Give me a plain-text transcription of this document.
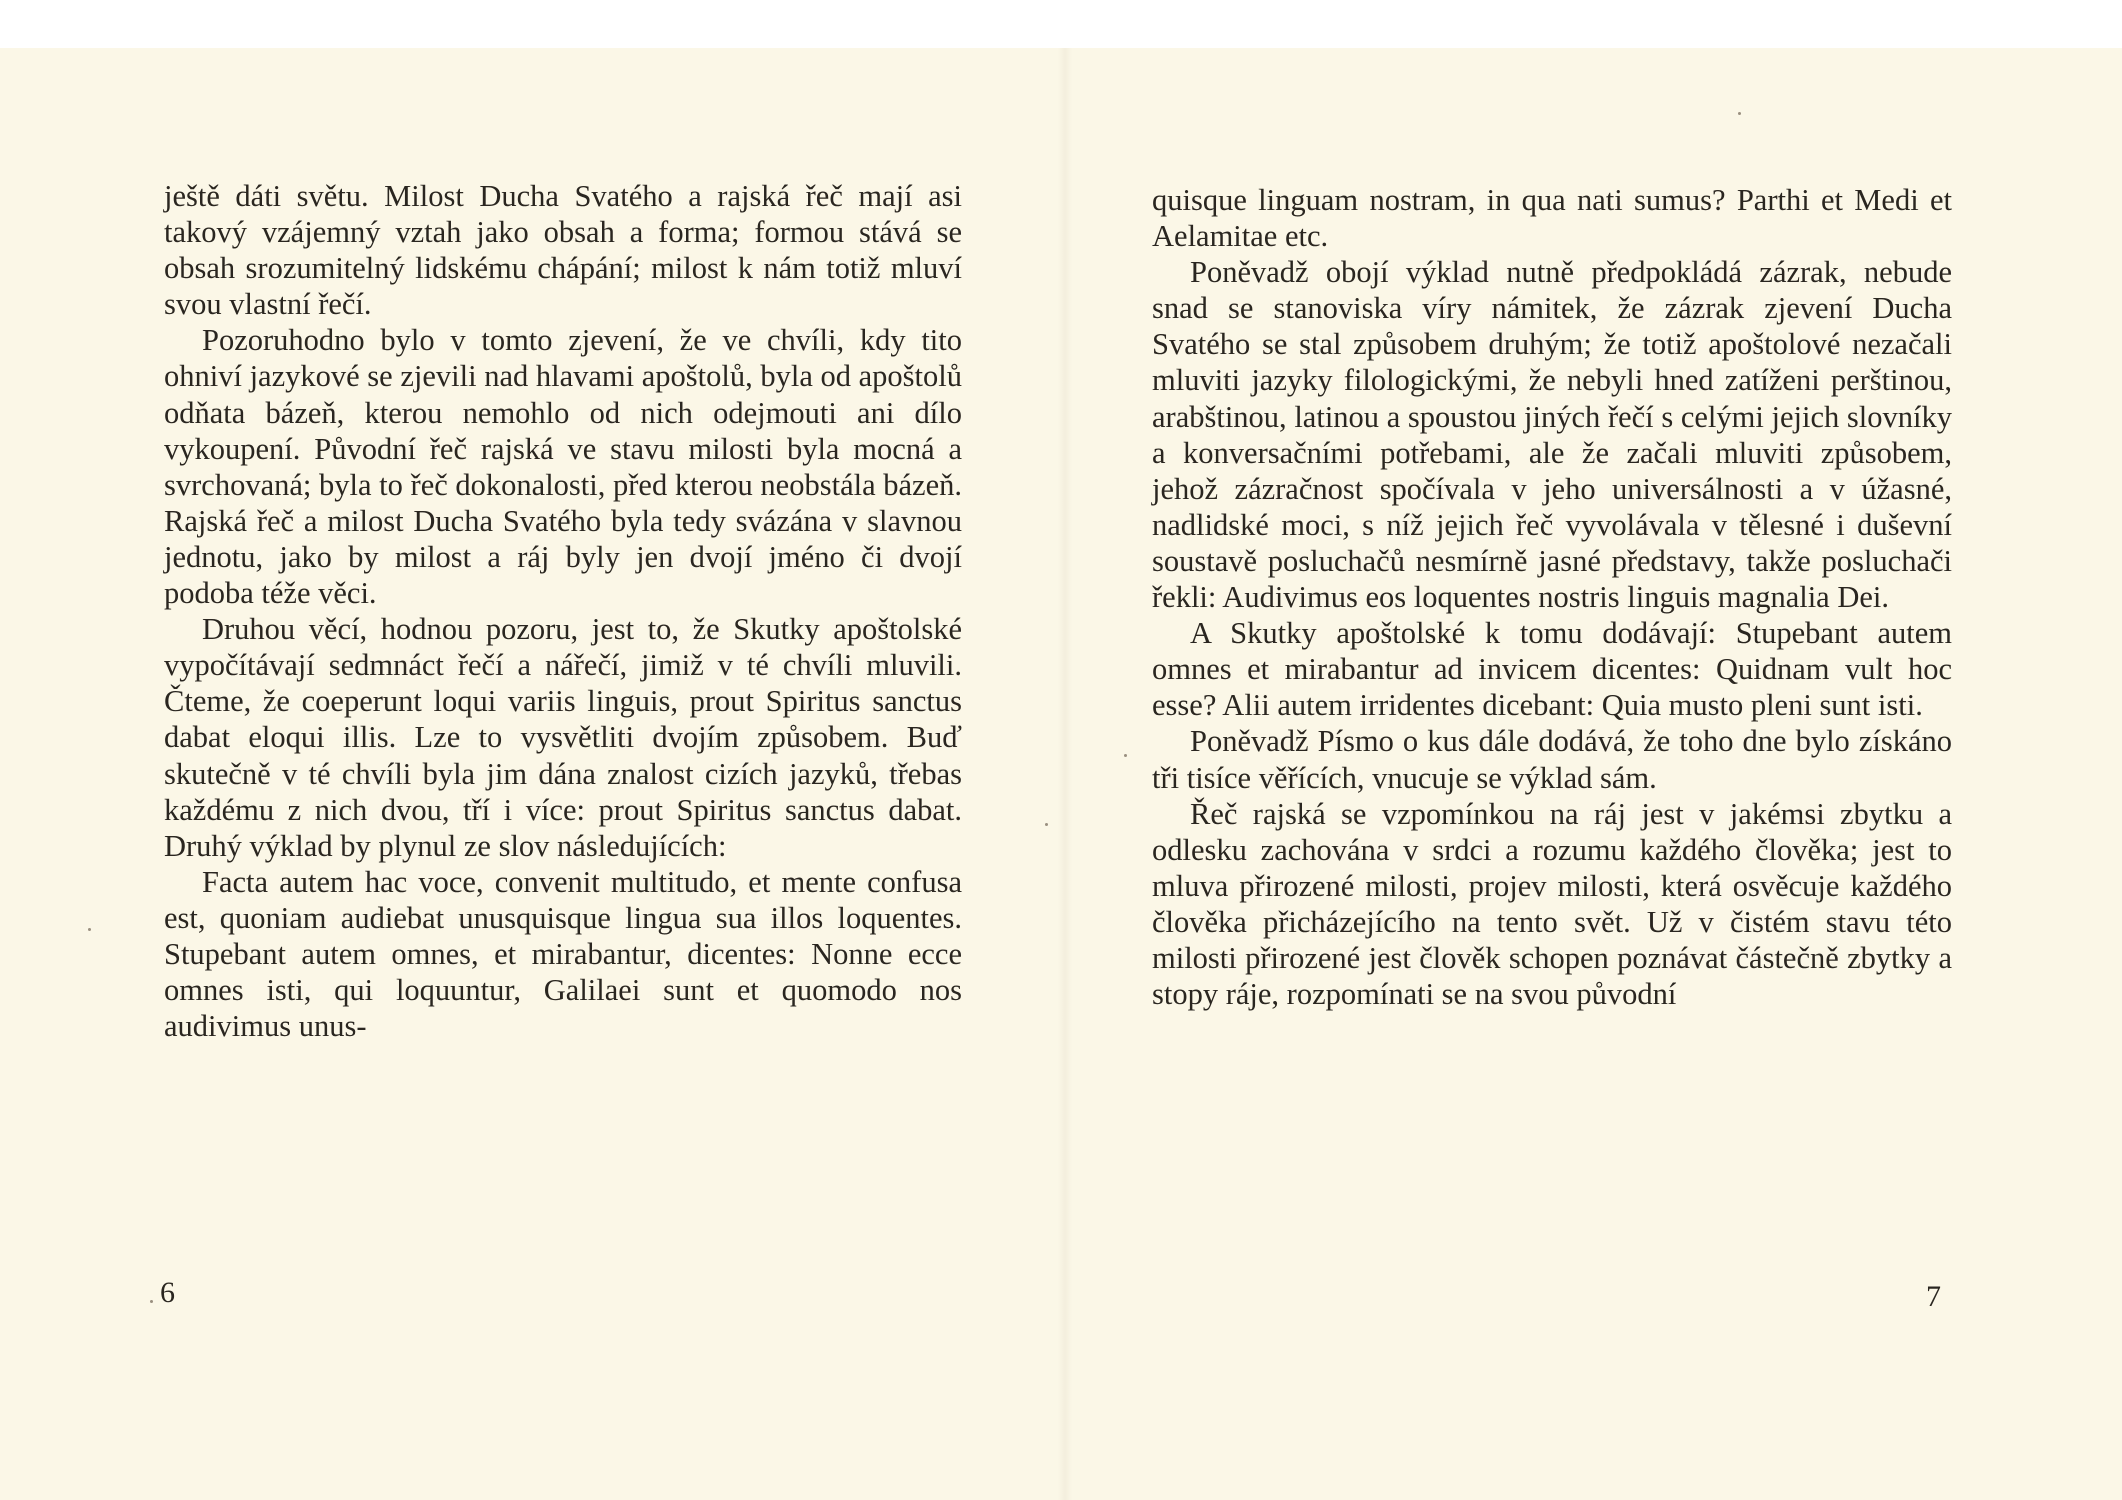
ještě dáti světu. Milost Ducha Svatého a rajská řeč mají asi takový vzájemný vztah jako obsah a forma; formou stává se obsah srozumitelný lidskému chápání; milost k nám totiž mluví svou vlastní řečí.

Pozoruhodno bylo v tomto zjevení, že ve chvíli, kdy tito ohniví jazykové se zjevili nad hlavami apoštolů, byla od apoštolů odňata bázeň, kterou nemohlo od nich odejmouti ani dílo vykoupení. Původní řeč rajská ve stavu milosti byla mocná a svrchovaná; byla to řeč dokonalosti, před kterou neobstála bázeň. Rajská řeč a milost Ducha Svatého byla tedy svázána v slavnou jednotu, jako by milost a ráj byly jen dvojí jméno či dvojí podoba téže věci.

Druhou věcí, hodnou pozoru, jest to, že Skutky apoštolské vypočítávají sedmnáct řečí a nářečí, jimiž v té chvíli mluvili. Čteme, že coeperunt loqui variis linguis, prout Spiritus sanctus dabat eloqui illis. Lze to vysvětliti dvojím způsobem. Buď skutečně v té chvíli byla jim dána znalost cizích jazyků, třebas každému z nich dvou, tří i více: prout Spiritus sanctus dabat. Druhý výklad by plynul ze slov následujících:

Facta autem hac voce, convenit multitudo, et mente confusa est, quoniam audiebat unusquisque lingua sua illos loquentes. Stupebant autem omnes, et mirabantur, dicentes: Nonne ecce omnes isti, qui loquuntur, Galilaei sunt et quomodo nos audivimus unus-

quisque linguam nostram, in qua nati sumus? Parthi et Medi et Aelamitae etc.

Poněvadž obojí výklad nutně předpokládá zázrak, nebude snad se stanoviska víry námitek, že zázrak zjevení Ducha Svatého se stal způsobem druhým; že totiž apoštolové nezačali mluviti jazyky filologickými, že nebyli hned zatíženi perštinou, arabštinou, latinou a spoustou jiných řečí s celými jejich slovníky a konversačními potřebami, ale že začali mluviti způsobem, jehož zázračnost spočívala v jeho universálnosti a v úžasné, nadlidské moci, s níž jejich řeč vyvolávala v tělesné i duševní soustavě posluchačů nesmírně jasné představy, takže posluchači řekli: Audivimus eos loquentes nostris linguis magnalia Dei.

A Skutky apoštolské k tomu dodávají: Stupebant autem omnes et mirabantur ad invicem dicentes: Quidnam vult hoc esse? Alii autem irridentes dicebant: Quia musto pleni sunt isti.

Poněvadž Písmo o kus dále dodává, že toho dne bylo získáno tři tisíce věřících, vnucuje se výklad sám.

Řeč rajská se vzpomínkou na ráj jest v jakémsi zbytku a odlesku zachována v srdci a rozumu každého člověka; jest to mluva přirozené milosti, projev milosti, která osvěcuje každého člověka přicházejícího na tento svět. Už v čistém stavu této milosti přirozené jest člověk schopen poznávat částečně zbytky a stopy ráje, rozpomínati se na svou původní

6	7
